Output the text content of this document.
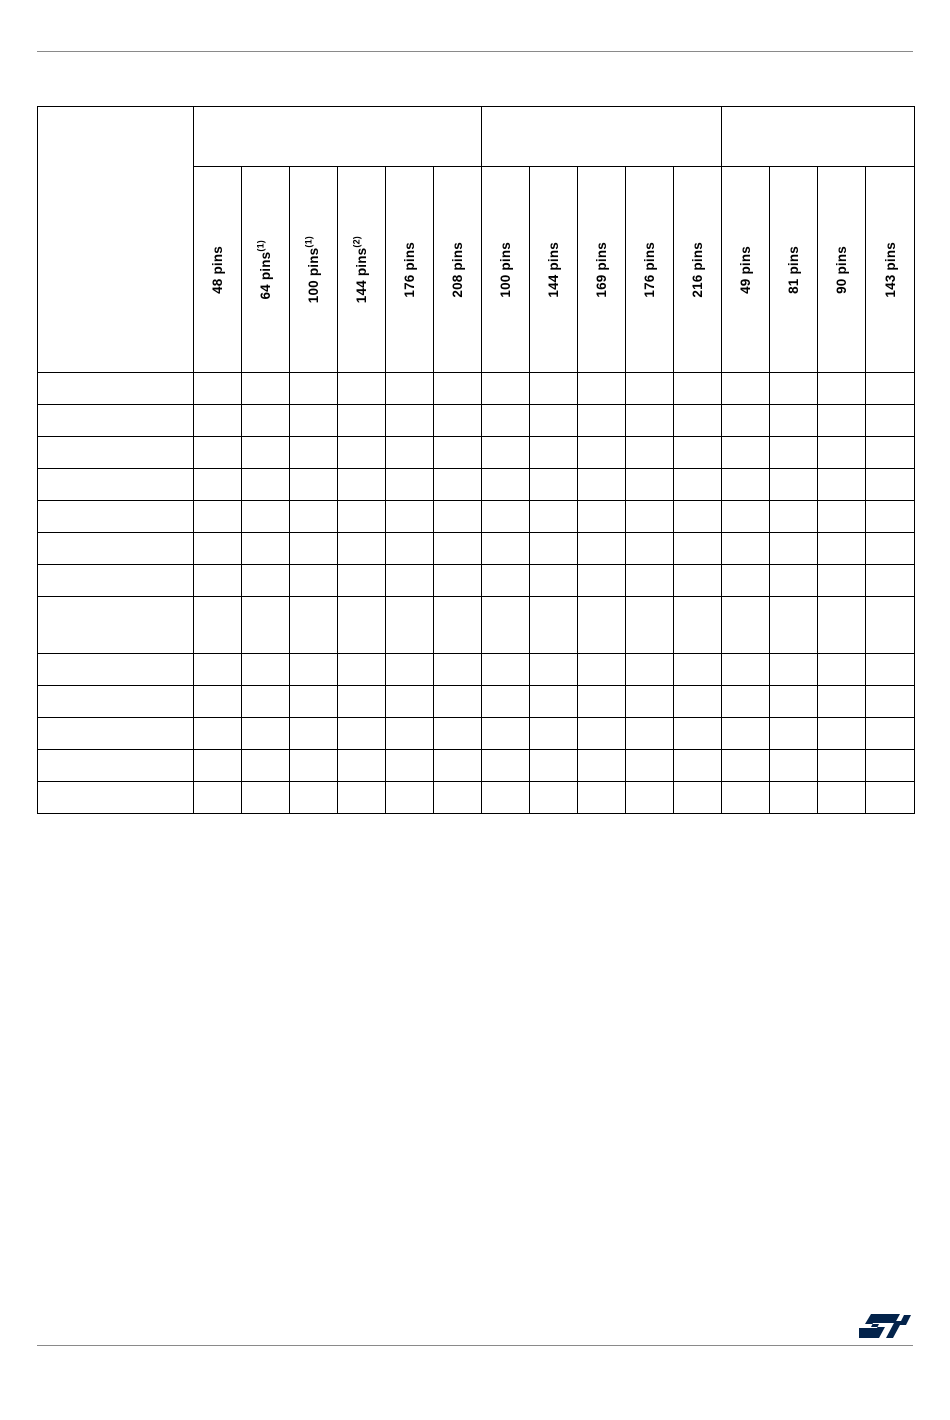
	48 pins	64 pins$^{(1)}$	100 pins$^{(1)}$	144 pins$^{(2)}$	176 pins	208 pins	100 pins	144 pins	169 pins	176 pins	216 pins	49 pins	81 pins	90 pins	143 pins
